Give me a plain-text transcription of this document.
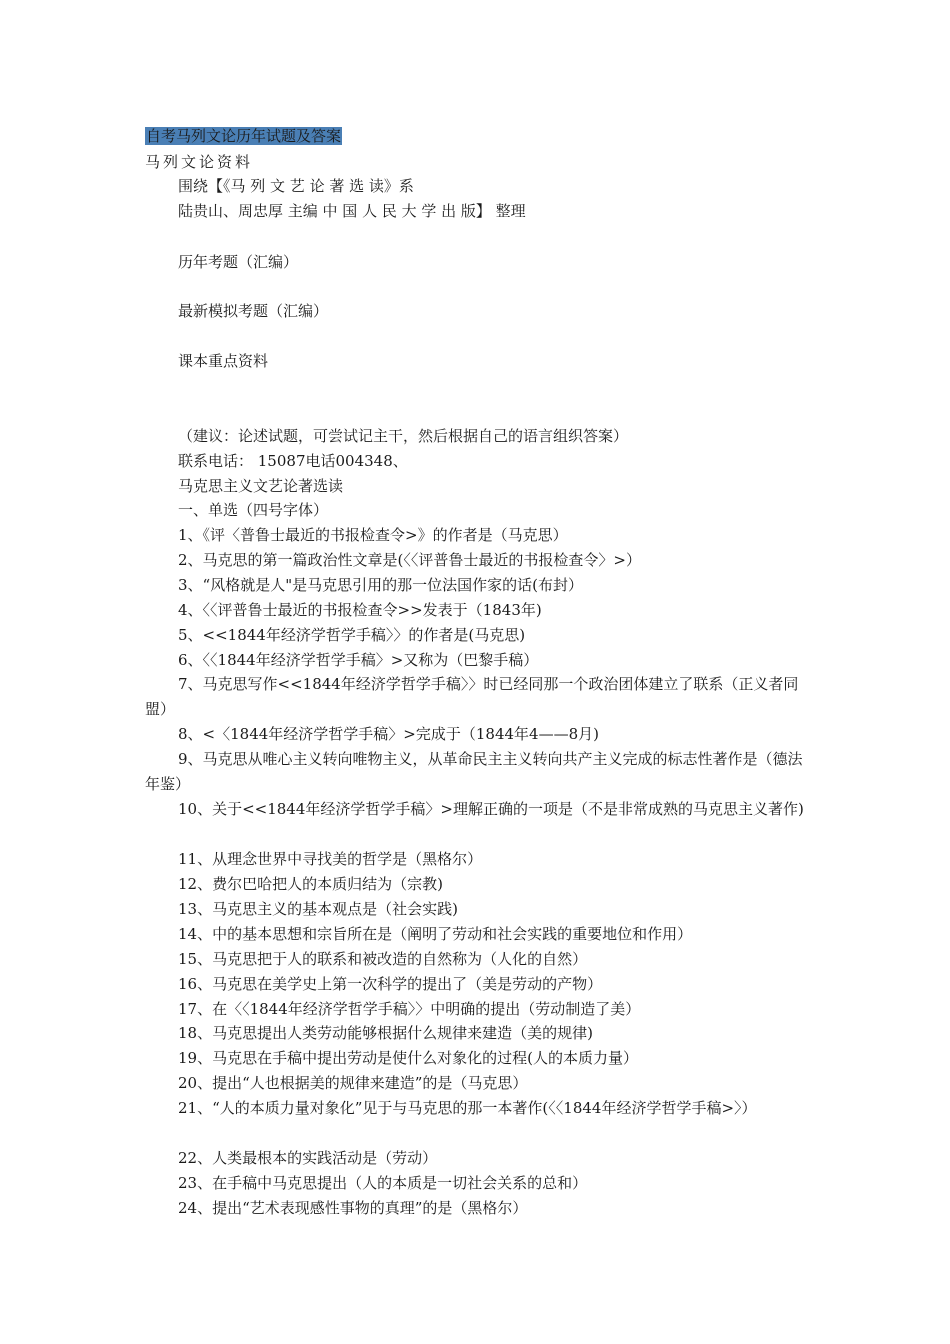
自考马列文论历年试题及答案
马列文论资料
围绕【《马 列 文 艺 论 著 选 读》系
陆贵山、周忠厚 主编 中 国 人 民 大 学 出 版】 整理
历年考题（汇编）
最新模拟考题（汇编）
课本重点资料
（建议：论述试题，可尝试记主干，然后根据自己的语言组织答案）
联系电话： 15087电话004348、
马克思主义文艺论著选读
一、单选（四号字体）
1、《评〈普鲁士最近的书报检查令>》的作者是（马克思）
2、马克思的第一篇政治性文章是(〈〈评普鲁士最近的书报检查令〉>）
3、“风格就是人"是马克思引用的那一位法国作家的话(布封）
4、〈〈评普鲁士最近的书报检查令>>发表于（1843年)
5、<<1844年经济学哲学手稿〉〉的作者是(马克思)
6、〈〈1844年经济学哲学手稿〉>又称为（巴黎手稿）
7、马克思写作<<1844年经济学哲学手稿〉〉时已经同那一个政治团体建立了联系（正义者同盟）
8、<〈1844年经济学哲学手稿〉>完成于（1844年4——8月)
9、马克思从唯心主义转向唯物主义，从革命民主主义转向共产主义完成的标志性著作是（德法年鉴）
10、关于<<1844年经济学哲学手稿〉>理解正确的一项是（不是非常成熟的马克思主义著作)
11、从理念世界中寻找美的哲学是（黑格尔）
12、费尔巴哈把人的本质归结为（宗教)
13、马克思主义的基本观点是（社会实践)
14、中的基本思想和宗旨所在是（阐明了劳动和社会实践的重要地位和作用）
15、马克思把于人的联系和被改造的自然称为（人化的自然）
16、马克思在美学史上第一次科学的提出了（美是劳动的产物）
17、在〈〈1844年经济学哲学手稿〉〉中明确的提出（劳动制造了美）
18、马克思提出人类劳动能够根据什么规律来建造（美的规律)
19、马克思在手稿中提出劳动是使什么对象化的过程(人的本质力量）
20、提出“人也根据美的规律来建造”的是（马克思）
21、“人的本质力量对象化”见于与马克思的那一本著作(〈〈1844年经济学哲学手稿>〉）
22、人类最根本的实践活动是（劳动）
23、在手稿中马克思提出（人的本质是一切社会关系的总和）
24、提出“艺术表现感性事物的真理”的是（黑格尔）
